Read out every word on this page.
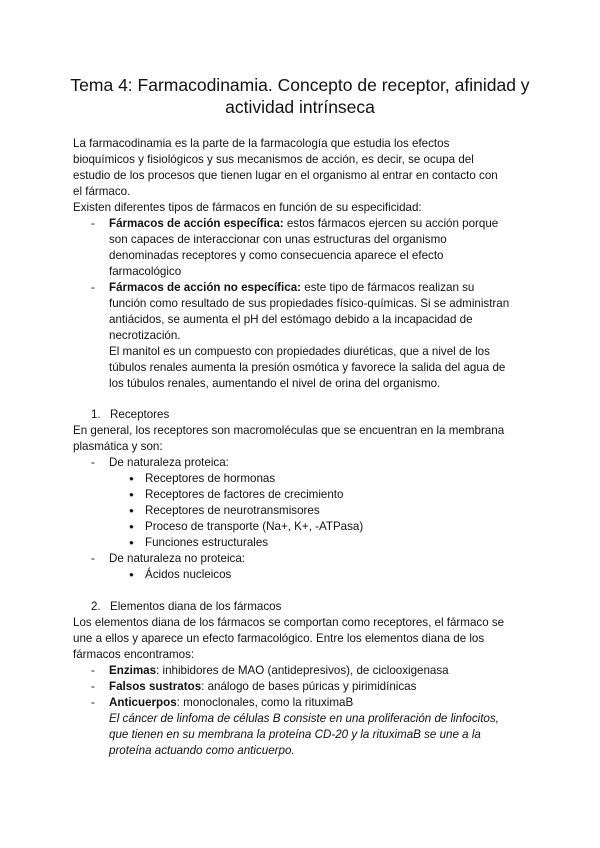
Tema 4: Farmacodinamia. Concepto de receptor, afinidad y
actividad intrínseca

La farmacodinamia es la parte de la farmacología que estudia los efectos

bioquímicos y fisiológicos y sus mecanismos de acción, es decir, se ocupa del

estudio de los procesos que tienen lugar en el organismo al entrar en contacto con

el fármaco.

Existen diferentes tipos de fármacos en función de su especificidad:

- Fármacos de acción específica: estos fármacos ejercen su acción porque

son capaces de interaccionar con unas estructuras del organismo

denominadas receptores y como consecuencia aparece el efecto

farmacológico

- Fármacos de acción no específica: este tipo de fármacos realizan su

función como resultado de sus propiedades físico-químicas. Si se administran

antiácidos, se aumenta el pH del estómago debido a la incapacidad de

necrotización.

El manitol es un compuesto con propiedades diuréticas, que a nivel de los

túbulos renales aumenta la presión osmótica y favorece la salida del agua de

los túbulos renales, aumentando el nivel de orina del organismo.

1. Receptores

En general, los receptores son macromoléculas que se encuentran en la membrana

plasmática y son:

- De naturaleza proteica:

● Receptores de hormonas

● Receptores de factores de crecimiento

● Receptores de neurotransmisores

● Proceso de transporte (Na+, K+, -ATPasa)

● Funciones estructurales

- De naturaleza no proteica:

● Ácidos nucleicos

2. Elementos diana de los fármacos

Los elementos diana de los fármacos se comportan como receptores, el fármaco se

une a ellos y aparece un efecto farmacológico. Entre los elementos diana de los

fármacos encontramos:

- Enzimas: inhibidores de MAO (antidepresivos), de ciclooxigenasa

- Falsos sustratos: análogo de bases púricas y pirimidínicas

- Anticuerpos: monoclonales, como la rituximaB

El cáncer de linfoma de células B consiste en una proliferación de linfocitos,

que tienen en su membrana la proteína CD-20 y la rituximaB se une a la

proteína actuando como anticuerpo.
